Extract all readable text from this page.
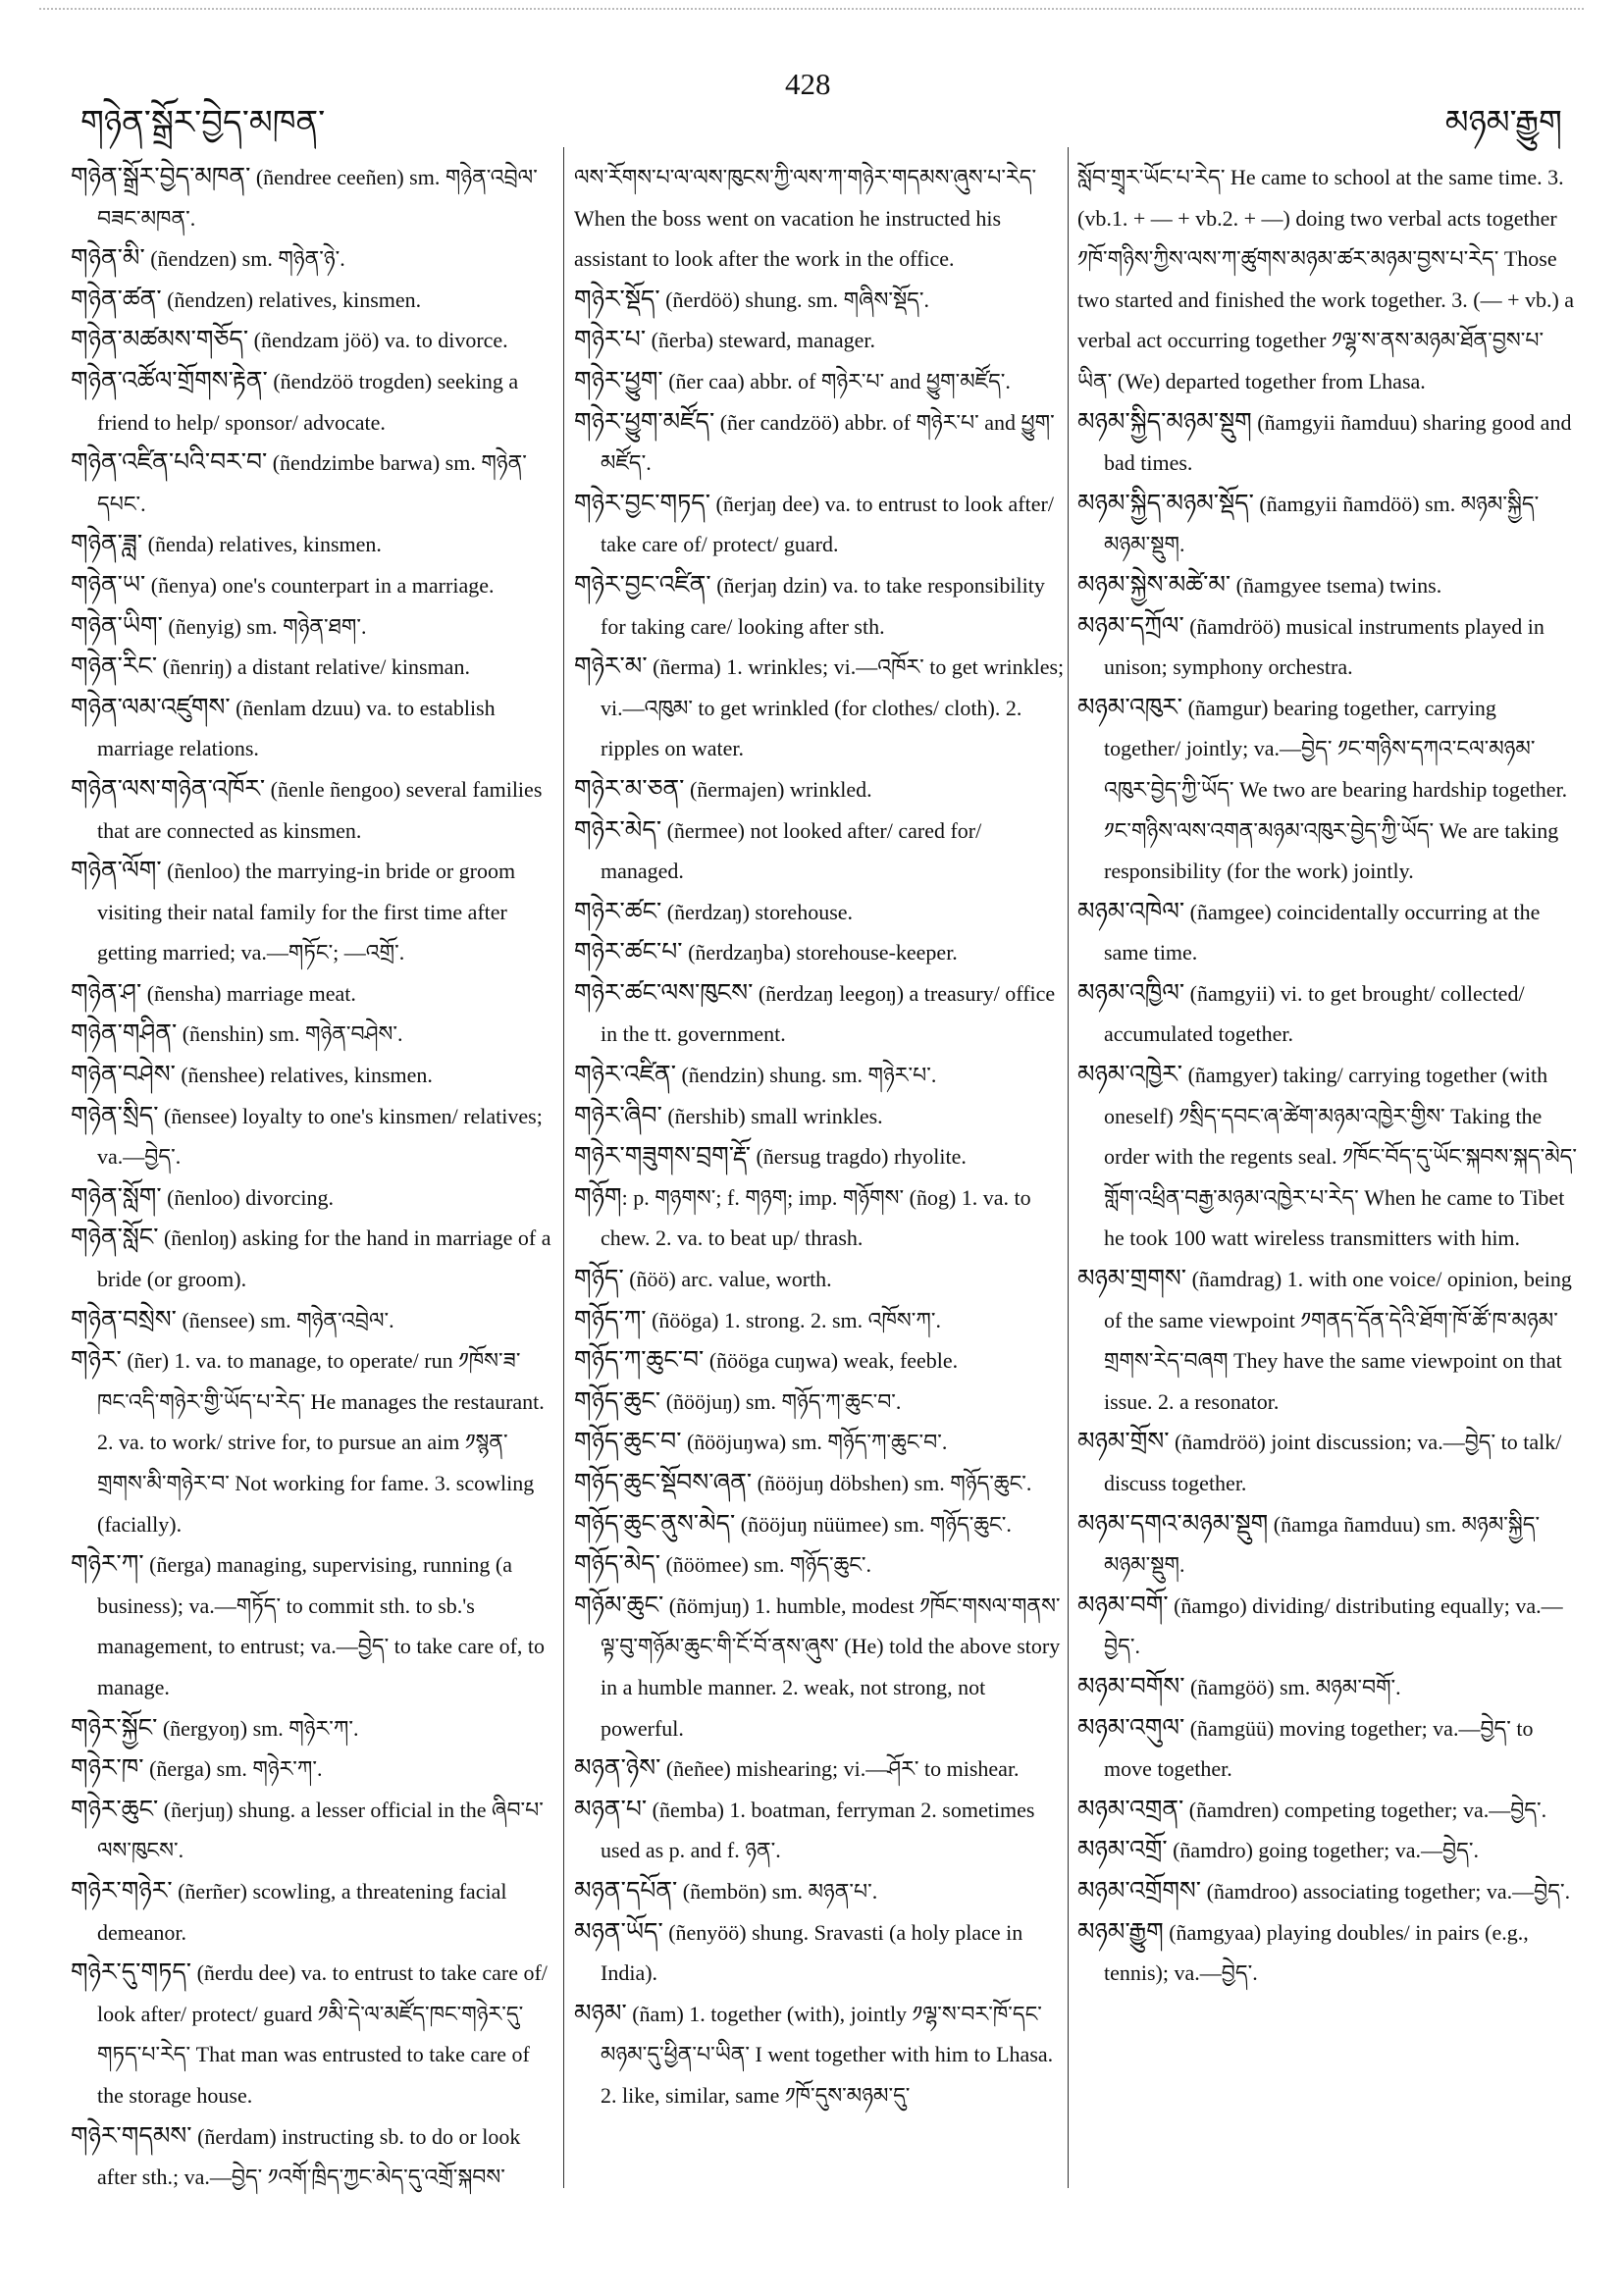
གཉེན་སྒྲོར་བྱེད་མཁན་
428
མཉམ་རྒྱུག

གཉེན་སྒྲོར་བྱེད་མཁན་ (ñendree ceeñen) sm. གཉེན་འབྲེལ་བཟང་མཁན་.

གཉེན་མི་ (ñendzen) sm. གཉེན་ཉེ་.

གཉེན་ཚན་ (ñendzen) relatives, kinsmen.

གཉེན་མཚམས་གཅོད་ (ñendzam jöö) va. to divorce.

གཉེན་འཚོལ་གྲོགས་རྟེན་ (ñendzöö trogden) seeking a friend to help/ sponsor/ advocate.

གཉེན་འཛིན་པའི་བར་བ་ (ñendzimbe barwa) sm. གཉེན་དཔང་.

གཉེན་ཟླ་ (ñenda) relatives, kinsmen.

གཉེན་ཡ་ (ñenya) one's counterpart in a marriage.

གཉེན་ཡིག་ (ñenyig) sm. གཉེན་ཐག་.

གཉེན་རིང་ (ñenriŋ) a distant relative/ kinsman.

གཉེན་ལམ་འཛུགས་ (ñenlam dzuu) va. to establish marriage relations.

གཉེན་ལས་གཉེན་འཁོར་ (ñenle ñengoo) several families that are connected as kinsmen.

གཉེན་ལོག་ (ñenloo) the marrying-in bride or groom visiting their natal family for the first time after getting married; va.—གཏོང་; —འགྲོ་.

གཉེན་ཤ་ (ñensha) marriage meat.

གཉེན་གཤིན་ (ñenshin) sm. གཉེན་བཤེས་.

གཉེན་བཤེས་ (ñenshee) relatives, kinsmen.

གཉེན་སྲིད་ (ñensee) loyalty to one's kinsmen/ relatives; va.—བྱེད་.

གཉེན་སློག་ (ñenloo) divorcing.

གཉེན་སློང་ (ñenloŋ) asking for the hand in marriage of a bride (or groom).

གཉེན་བསྲེས་ (ñensee) sm. གཉེན་འབྲེལ་.

གཉེར་ (ñer) 1. va. to manage, to operate/ run ༡ཁོས་ཟ་ཁང་འདི་གཉེར་གྱི་ཡོད་པ་རེད་ He manages the restaurant. 2. va. to work/ strive for, to pursue an aim ༡སྙན་གྲགས་མི་གཉེར་བ་ Not working for fame. 3. scowling (facially).

གཉེར་ཀ་ (ñerga) managing, supervising, running (a business); va.—གཏོད་ to commit sth. to sb.'s management, to entrust; va.—བྱེད་ to take care of, to manage.

གཉེར་སྐྱོང་ (ñergyoŋ) sm. གཉེར་ཀ་.

གཉེར་ཁ་ (ñerga) sm. གཉེར་ཀ་.

གཉེར་ཆུང་ (ñerjuŋ) shung. a lesser official in the ཞིབ་པ་ལས་ཁུངས་.

གཉེར་གཉེར་ (ñerñer) scowling, a threatening facial demeanor.

གཉེར་དུ་གཏད་ (ñerdu dee) va. to entrust to take care of/ look after/ protect/ guard ༡མི་དེ་ལ་མཛོད་ཁང་གཉེར་དུ་གཏད་པ་རེད་ That man was entrusted to take care of the storage house.

གཉེར་གདམས་ (ñerdam) instructing sb. to do or look after sth.; va.—བྱེད་ ༡འགོ་ཁྲིད་ཀྱང་མེད་དུ་འགྲོ་སྐབས་

ལས་རོགས་པ་ལ་ལས་ཁུངས་ཀྱི་ལས་ཀ་གཉེར་གདམས་ཞུས་པ་རེད་ When the boss went on vacation he instructed his assistant to look after the work in the office.

གཉེར་སྡོད་ (ñerdöö) shung. sm. གཞིས་སྡོད་.

གཉེར་པ་ (ñerba) steward, manager.

གཉེར་ཕྱུག་ (ñer caa) abbr. of གཉེར་པ་ and ཕྱུག་མཛོད་.

གཉེར་ཕྱུག་མཛོད་ (ñer candzöö) abbr. of གཉེར་པ་ and ཕྱུག་མཛོད་.

གཉེར་བྱང་གཏད་ (ñerjaŋ dee) va. to entrust to look after/ take care of/ protect/ guard.

གཉེར་བྱང་འཛིན་ (ñerjaŋ dzin) va. to take responsibility for taking care/ looking after sth.

གཉེར་མ་ (ñerma) 1. wrinkles; vi.—འཁོར་ to get wrinkles; vi.—འཁུམ་ to get wrinkled (for clothes/ cloth). 2. ripples on water.

གཉེར་མ་ཅན་ (ñermajen) wrinkled.

གཉེར་མེད་ (ñermee) not looked after/ cared for/ managed.

གཉེར་ཚང་ (ñerdzaŋ) storehouse.

གཉེར་ཚང་པ་ (ñerdzaŋba) storehouse-keeper.

གཉེར་ཚང་ལས་ཁུངས་ (ñerdzaŋ leegoŋ) a treasury/ office in the tt. government.

གཉེར་འཛིན་ (ñendzin) shung. sm. གཉེར་པ་.

གཉེར་ཞིབ་ (ñershib) small wrinkles.

གཉེར་གཟུགས་བྲག་རྡོ་ (ñersug tragdo) rhyolite.

གཉོག: p. གཉགས་; f. གཉག; imp. གཉོགས་ (ñog) 1. va. to chew. 2. va. to beat up/ thrash.

གཉོད་ (ñöö) arc. value, worth.

གཉོད་ཀ་ (ñööga) 1. strong. 2. sm. འཁོས་ཀ་.

གཉོད་ཀ་ཆུང་བ་ (ñööga cuŋwa) weak, feeble.

གཉོད་ཆུང་ (ñööjuŋ) sm. གཉོད་ཀ་ཆུང་བ་.

གཉོད་ཆུང་བ་ (ñööjuŋwa) sm. གཉོད་ཀ་ཆུང་བ་.

གཉོད་ཆུང་སྡོབས་ཞན་ (ñööjuŋ döbshen) sm. གཉོད་ཆུང་.

གཉོད་ཆུང་ནུས་མེད་ (ñööjuŋ nüümee) sm. གཉོད་ཆུང་.

གཉོད་མེད་ (ñöömee) sm. གཉོད་ཆུང་.

གཉོམ་ཆུང་ (ñömjuŋ) 1. humble, modest ༡ཁོང་གསལ་གནས་ལྟ་བུ་གཉོམ་ཆུང་གི་ངོ་བོ་ནས་ཞུས་ (He) told the above story in a humble manner. 2. weak, not strong, not powerful.

མཉན་ཉེས་ (ñeñee) mishearing; vi.—ཤོར་ to mishear.

མཉན་པ་ (ñemba) 1. boatman, ferryman 2. sometimes used as p. and f. ཉན་.

མཉན་དཔོན་ (ñembön) sm. མཉན་པ་.

མཉན་ཡོད་ (ñenyöö) shung. Sravasti (a holy place in India).

མཉམ་ (ñam) 1. together (with), jointly ༡ལྷ་ས་བར་ཁོ་དང་མཉམ་དུ་ཕྱིན་པ་ཡིན་ I went together with him to Lhasa. 2. like, similar, same ༡ཁོ་དུས་མཉམ་དུ་

སློབ་གྲྭར་ཡོང་པ་རེད་ He came to school at the same time. 3. (vb.1. + — + vb.2. + —) doing two verbal acts together ༡ཁོ་གཉིས་ཀྱིས་ལས་ཀ་ཚུགས་མཉམ་ཚར་མཉམ་བྱས་པ་རེད་ Those two started and finished the work together. 3. (— + vb.) a verbal act occurring together ༡ལྷ་ས་ནས་མཉམ་ཐོན་བྱས་པ་ཡིན་ (We) departed together from Lhasa.

མཉམ་སྐྱིད་མཉམ་སྡུག (ñamgyii ñamduu) sharing good and bad times.

མཉམ་སྐྱིད་མཉམ་སྡོད་ (ñamgyii ñamdöö) sm. མཉམ་སྐྱིད་མཉམ་སྡུག.

མཉམ་སྐྱེས་མཚེ་མ་ (ñamgyee tsema) twins.

མཉམ་དཀྲོལ་ (ñamdröö) musical instruments played in unison; symphony orchestra.

མཉམ་འཁུར་ (ñamgur) bearing together, carrying together/ jointly; va.—བྱེད་ ༡ང་གཉིས་དཀའ་ངལ་མཉམ་འཁུར་བྱེད་ཀྱི་ཡོད་ We two are bearing hardship together. ༡ང་གཉིས་ལས་འགན་མཉམ་འཁུར་བྱེད་ཀྱི་ཡོད་ We are taking responsibility (for the work) jointly.

མཉམ་འཁེལ་ (ñamgee) coincidentally occurring at the same time.

མཉམ་འཁྱིལ་ (ñamgyii) vi. to get brought/ collected/ accumulated together.

མཉམ་འཁྱེར་ (ñamgyer) taking/ carrying together (with oneself) ༡སྲིད་དབང་ཞ་ཚེག་མཉམ་འཁྱེར་གྱིས་ Taking the order with the regents seal. ༡ཁོང་བོད་དུ་ཡོང་སྐབས་སྐད་མེད་གློག་འཕྲིན་བརྒྱ་མཉམ་འཁྱེར་པ་རེད་ When he came to Tibet he took 100 watt wireless transmitters with him.

མཉམ་གྲགས་ (ñamdrag) 1. with one voice/ opinion, being of the same viewpoint ༡གནད་དོན་དེའི་ཐོག་ཁོ་ཚོ་ཁ་མཉམ་གྲགས་རེད་བཞག They have the same viewpoint on that issue. 2. a resonator.

མཉམ་གྲོས་ (ñamdröö) joint discussion; va.—བྱེད་ to talk/ discuss together.

མཉམ་དགའ་མཉམ་སྡུག (ñamga ñamduu) sm. མཉམ་སྐྱིད་མཉམ་སྡུག.

མཉམ་བགོ་ (ñamgo) dividing/ distributing equally; va.—བྱེད་.

མཉམ་བགོས་ (ñamgöö) sm. མཉམ་བགོ་.

མཉམ་འགུལ་ (ñamgüü) moving together; va.—བྱེད་ to move together.

མཉམ་འགྲན་ (ñamdren) competing together; va.—བྱེད་.

མཉམ་འགྲོ་ (ñamdro) going together; va.—བྱེད་.

མཉམ་འགྲོགས་ (ñamdroo) associating together; va.—བྱེད་.

མཉམ་རྒྱུག (ñamgyaa) playing doubles/ in pairs (e.g., tennis); va.—བྱེད་.
